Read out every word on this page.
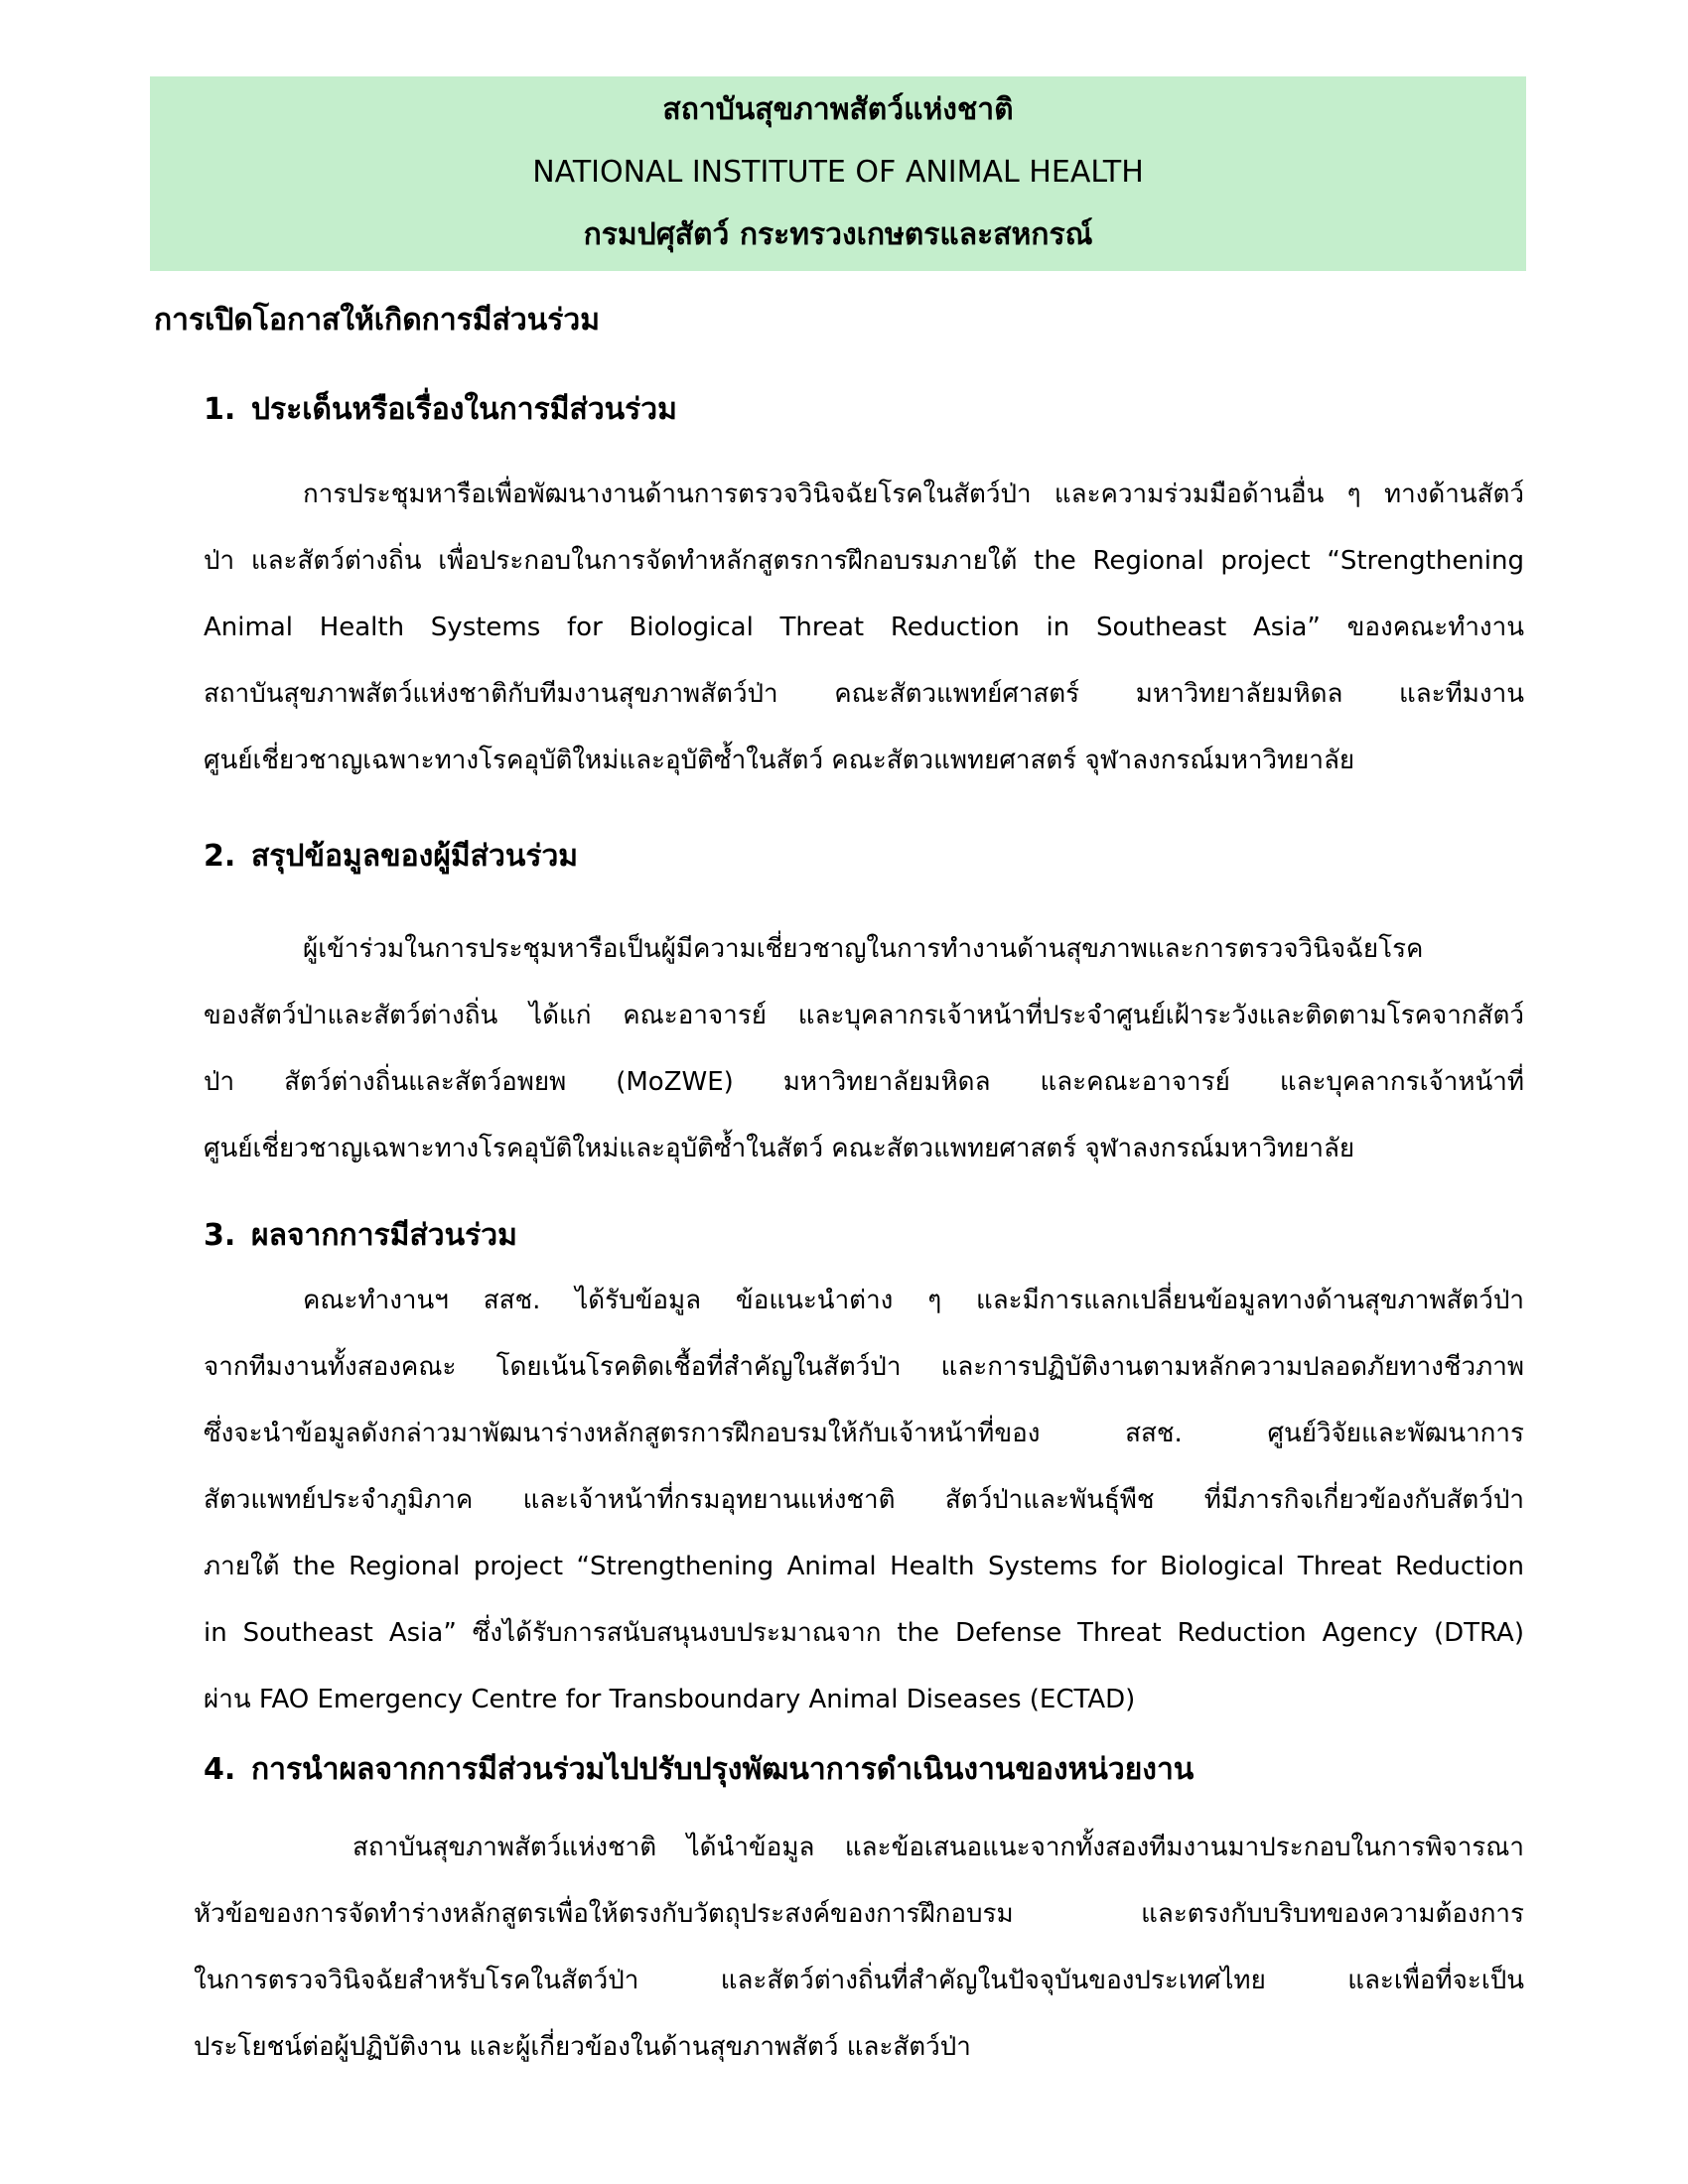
สถาบันสุขภาพสัตว์แห่งชาติ
NATIONAL INSTITUTE OF ANIMAL HEALTH
กรมปศุสัตว์ กระทรวงเกษตรและสหกรณ์
การเปิดโอกาสให้เกิดการมีส่วนร่วม
1. ประเด็นหรือเรื่องในการมีส่วนร่วม
การประชุมหารือเพื่อพัฒนางานด้านการตรวจวินิจฉัยโรคในสัตว์ป่า และความร่วมมือด้านอื่น ๆ ทางด้านสัตว์
ป่า และสัตว์ต่างถิ่น เพื่อประกอบในการจัดทำหลักสูตรการฝึกอบรมภายใต้ the Regional project “Strengthening
Animal Health Systems for Biological Threat Reduction in Southeast Asia” ของคณะทำงาน
สถาบันสุขภาพสัตว์แห่งชาติกับทีมงานสุขภาพสัตว์ป่า คณะสัตวแพทย์ศาสตร์ มหาวิทยาลัยมหิดล และทีมงาน
ศูนย์เชี่ยวชาญเฉพาะทางโรคอุบัติใหม่และอุบัติซ้ำในสัตว์ คณะสัตวแพทยศาสตร์ จุฬาลงกรณ์มหาวิทยาลัย
2. สรุปข้อมูลของผู้มีส่วนร่วม
ผู้เข้าร่วมในการประชุมหารือเป็นผู้มีความเชี่ยวชาญในการทำงานด้านสุขภาพและการตรวจวินิจฉัยโรค
ของสัตว์ป่าและสัตว์ต่างถิ่น ได้แก่ คณะอาจารย์ และบุคลากรเจ้าหน้าที่ประจำศูนย์เฝ้าระวังและติดตามโรคจากสัตว์
ป่า สัตว์ต่างถิ่นและสัตว์อพยพ (MoZWE) มหาวิทยาลัยมหิดล และคณะอาจารย์ และบุคลากรเจ้าหน้าที่
ศูนย์เชี่ยวชาญเฉพาะทางโรคอุบัติใหม่และอุบัติซ้ำในสัตว์ คณะสัตวแพทยศาสตร์ จุฬาลงกรณ์มหาวิทยาลัย
3. ผลจากการมีส่วนร่วม
คณะทำงานฯ สสช. ได้รับข้อมูล ข้อแนะนำต่าง ๆ และมีการแลกเปลี่ยนข้อมูลทางด้านสุขภาพสัตว์ป่า
จากทีมงานทั้งสองคณะ โดยเน้นโรคติดเชื้อที่สำคัญในสัตว์ป่า และการปฏิบัติงานตามหลักความปลอดภัยทางชีวภาพ
ซึ่งจะนำข้อมูลดังกล่าวมาพัฒนาร่างหลักสูตรการฝึกอบรมให้กับเจ้าหน้าที่ของ สสช. ศูนย์วิจัยและพัฒนาการ
สัตวแพทย์ประจำภูมิภาค และเจ้าหน้าที่กรมอุทยานแห่งชาติ สัตว์ป่าและพันธุ์พืช ที่มีภารกิจเกี่ยวข้องกับสัตว์ป่า
ภายใต้ the Regional project “Strengthening Animal Health Systems for Biological Threat Reduction
in Southeast Asia” ซึ่งได้รับการสนับสนุนงบประมาณจาก the Defense Threat Reduction Agency (DTRA)
ผ่าน FAO Emergency Centre for Transboundary Animal Diseases (ECTAD)
4. การนำผลจากการมีส่วนร่วมไปปรับปรุงพัฒนาการดำเนินงานของหน่วยงาน
สถาบันสุขภาพสัตว์แห่งชาติ ได้นำข้อมูล และข้อเสนอแนะจากทั้งสองทีมงานมาประกอบในการพิจารณา
หัวข้อของการจัดทำร่างหลักสูตรเพื่อให้ตรงกับวัตถุประสงค์ของการฝึกอบรม และตรงกับบริบทของความต้องการ
ในการตรวจวินิจฉัยสำหรับโรคในสัตว์ป่า และสัตว์ต่างถิ่นที่สำคัญในปัจจุบันของประเทศไทย และเพื่อที่จะเป็น
ประโยชน์ต่อผู้ปฏิบัติงาน และผู้เกี่ยวข้องในด้านสุขภาพสัตว์ และสัตว์ป่า
